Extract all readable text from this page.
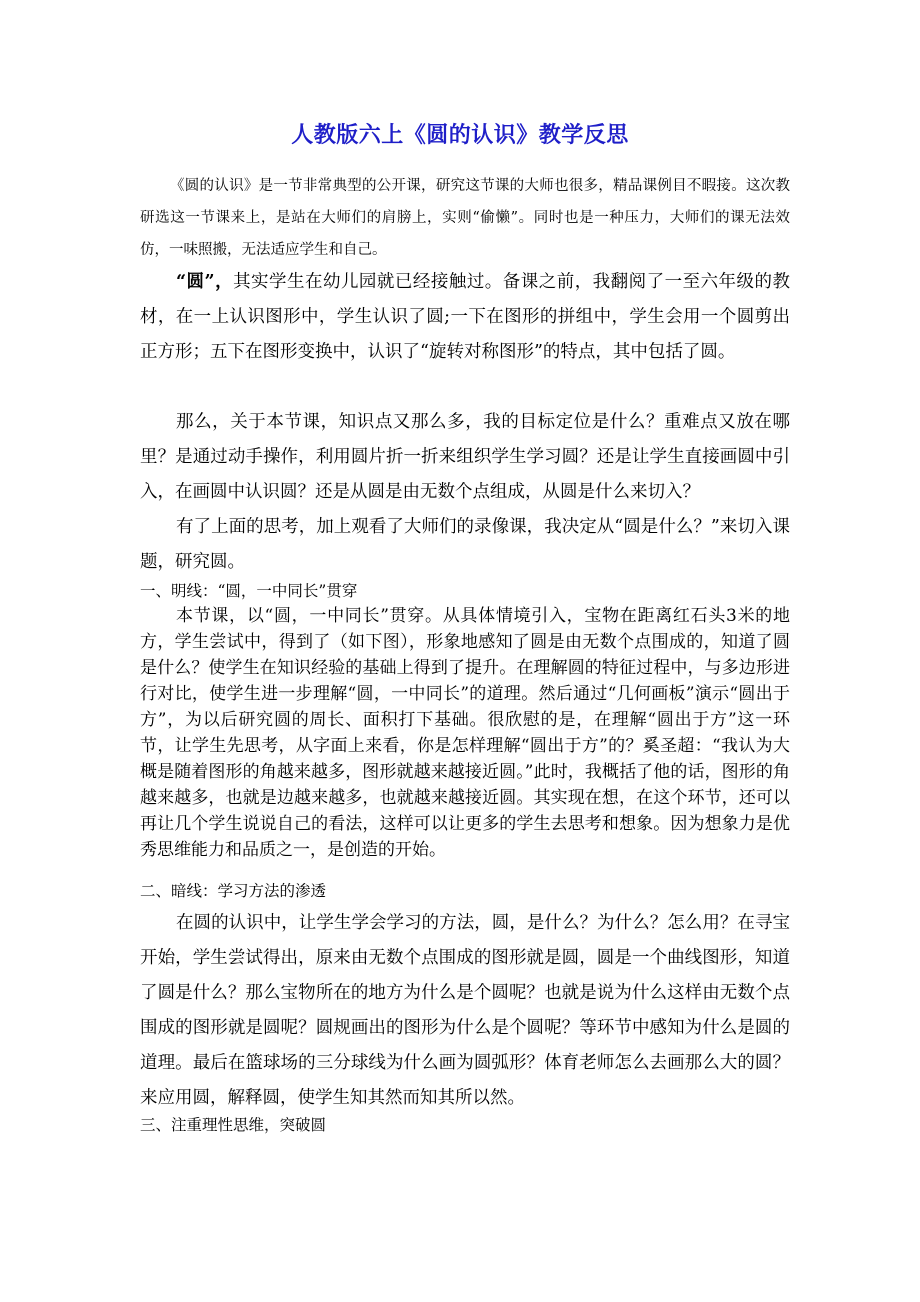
人教版六上《圆的认识》教学反思

《圆的认识》是一节非常典型的公开课，研究这节课的大师也很多，精品课例目不暇接。这次教研选这一节课来上，是站在大师们的肩膀上，实则“偷懒”。同时也是一种压力，大师们的课无法效仿，一味照搬，无法适应学生和自己。

“圆”，其实学生在幼儿园就已经接触过。备课之前，我翻阅了一至六年级的教材，在一上认识图形中，学生认识了圆;一下在图形的拼组中，学生会用一个圆剪出正方形；五下在图形变换中，认识了“旋转对称图形”的特点，其中包括了圆。

那么，关于本节课，知识点又那么多，我的目标定位是什么？重难点又放在哪里？是通过动手操作，利用圆片折一折来组织学生学习圆？还是让学生直接画圆中引入，在画圆中认识圆？还是从圆是由无数个点组成，从圆是什么来切入？

有了上面的思考，加上观看了大师们的录像课，我决定从“圆是什么？”来切入课题，研究圆。

一、明线：“圆，一中同长”贯穿

本节课，以“圆，一中同长”贯穿。从具体情境引入，宝物在距离红石头3米的地方，学生尝试中，得到了（如下图），形象地感知了圆是由无数个点围成的，知道了圆是什么？使学生在知识经验的基础上得到了提升。在理解圆的特征过程中，与多边形进行对比，使学生进一步理解“圆，一中同长”的道理。然后通过“几何画板”演示“圆出于方”，为以后研究圆的周长、面积打下基础。很欣慰的是，在理解“圆出于方”这一环节，让学生先思考，从字面上来看，你是怎样理解“圆出于方”的？奚圣超：“我认为大概是随着图形的角越来越多，图形就越来越接近圆。”此时，我概括了他的话，图形的角越来越多，也就是边越来越多，也就越来越接近圆。其实现在想，在这个环节，还可以再让几个学生说说自己的看法，这样可以让更多的学生去思考和想象。因为想象力是优秀思维能力和品质之一，是创造的开始。

二、暗线：学习方法的渗透

在圆的认识中，让学生学会学习的方法，圆，是什么？为什么？怎么用？在寻宝开始，学生尝试得出，原来由无数个点围成的图形就是圆，圆是一个曲线图形，知道了圆是什么？那么宝物所在的地方为什么是个圆呢？也就是说为什么这样由无数个点围成的图形就是圆呢？圆规画出的图形为什么是个圆呢？等环节中感知为什么是圆的道理。最后在篮球场的三分球线为什么画为圆弧形？体育老师怎么去画那么大的圆？来应用圆，解释圆，使学生知其然而知其所以然。

三、注重理性思维，突破圆
